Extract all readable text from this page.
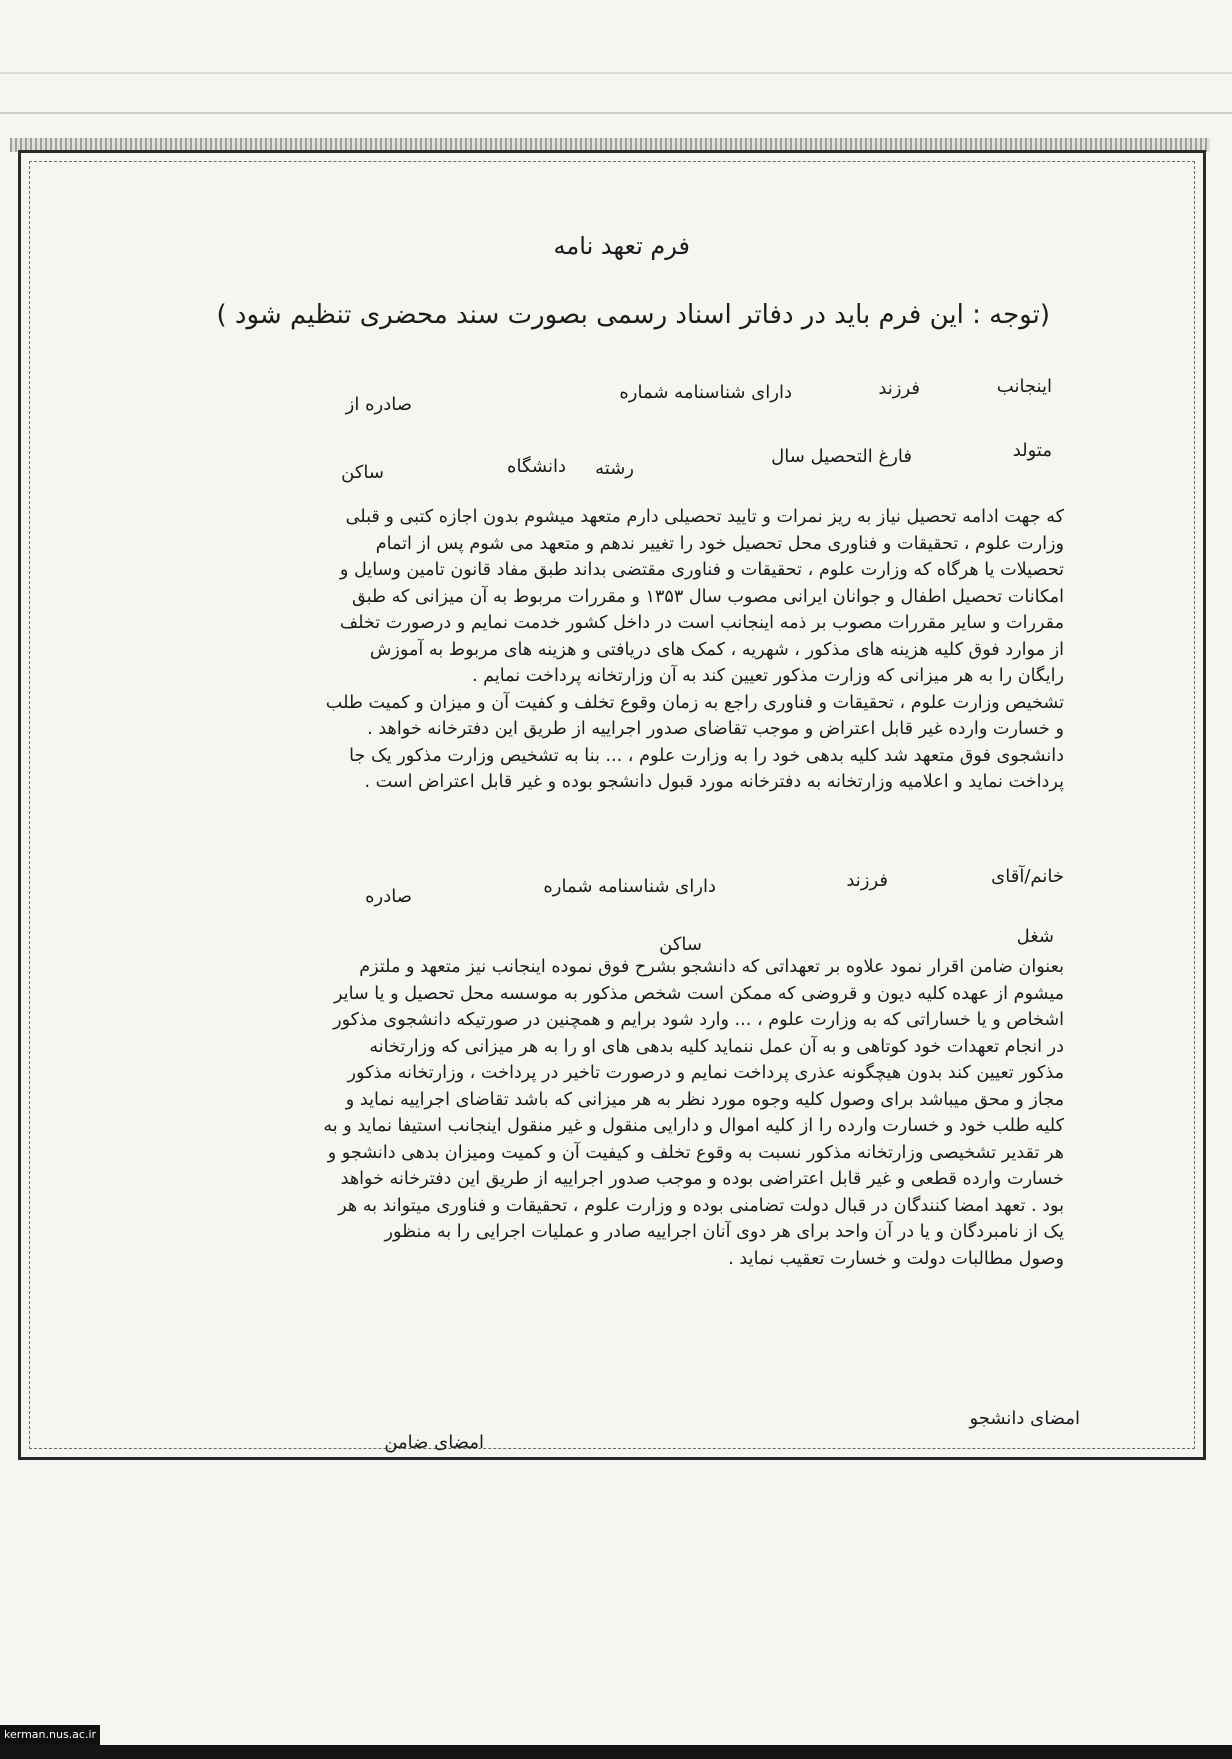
فرم تعهد نامه
(توجه : این فرم باید در دفاتر اسناد رسمی بصورت سند محضری تنظیم شود )
اینجانب
فرزند
دارای شناسنامه شماره
صادره از
متولد
فارغ التحصیل سال
رشته
دانشگاه
ساکن
که جهت ادامه تحصیل نیاز به ریز نمرات و تایید تحصیلی دارم متعهد میشوم بدون اجازه کتبی و قبلی
وزارت علوم ، تحقیقات و فناوری محل تحصیل خود را تغییر ندهم و متعهد می شوم پس از اتمام
تحصیلات یا هرگاه که وزارت علوم ، تحقیقات و فناوری مقتضی بداند طبق مفاد قانون تامین وسایل و
امکانات تحصیل اطفال و جوانان ایرانی مصوب سال ۱۳۵۳ و مقررات مربوط به آن میزانی که طبق
مقررات و سایر مقررات مصوب بر ذمه اینجانب است در داخل کشور خدمت نمایم و درصورت تخلف
از موارد فوق کلیه هزینه های مذکور ، شهریه ، کمک های دریافتی و هزینه های مربوط به آموزش
رایگان را به هر میزانی که وزارت مذکور تعیین کند به آن وزارتخانه پرداخت نمایم .
تشخیص وزارت علوم ، تحقیقات و فناوری راجع به زمان وقوع تخلف و کفیت آن و میزان و کمیت طلب
و خسارت وارده غیر قابل اعتراض و موجب تقاضای صدور اجراییه از طریق این دفترخانه خواهد .
دانشجوی فوق متعهد شد کلیه بدهی خود را به وزارت علوم ، ... بنا به تشخیص وزارت مذکور یک جا
پرداخت نماید و اعلامیه وزارتخانه به دفترخانه مورد قبول دانشجو بوده و غیر قابل اعتراض است .
خانم/آقای
فرزند
دارای شناسنامه شماره
صادره
شغل
ساکن
بعنوان ضامن اقرار نمود علاوه بر تعهداتی که دانشجو بشرح فوق نموده اینجانب نیز متعهد و ملتزم
میشوم از عهده کلیه دیون و قروضی که ممکن است شخص مذکور به موسسه محل تحصیل و یا سایر
اشخاص و یا خساراتی که به وزارت علوم ، ... وارد شود برایم و همچنین در صورتیکه دانشجوی مذکور
در انجام تعهدات خود کوتاهی و به آن عمل ننماید کلیه بدهی های او را به هر میزانی که وزارتخانه
مذکور تعیین کند بدون هیچگونه عذری پرداخت نمایم و درصورت تاخیر در پرداخت ، وزارتخانه مذکور
مجاز و محق میباشد برای وصول کلیه وجوه مورد نظر به هر میزانی که باشد تقاضای اجراییه نماید و
کلیه طلب خود و خسارت وارده را از کلیه اموال و دارایی منقول و غیر منقول اینجانب استیفا نماید و به
هر تقدیر تشخیصی وزارتخانه مذکور نسبت به وقوع تخلف و کیفیت آن و کمیت ومیزان بدهی دانشجو و
خسارت وارده قطعی و غیر قابل اعتراضی بوده و موجب صدور اجراییه از طریق این دفترخانه خواهد
بود . تعهد امضا کنندگان در قبال دولت تضامنی بوده و وزارت علوم ، تحقیقات و فناوری میتواند به هر
یک از نامبردگان و یا در آن واحد برای هر دوی آنان اجراییه صادر و عملیات اجرایی را به منظور
وصول مطالبات دولت و خسارت تعقیب نماید .
امضای دانشجو
امضای ضامن
kerman.nus.ac.ir
